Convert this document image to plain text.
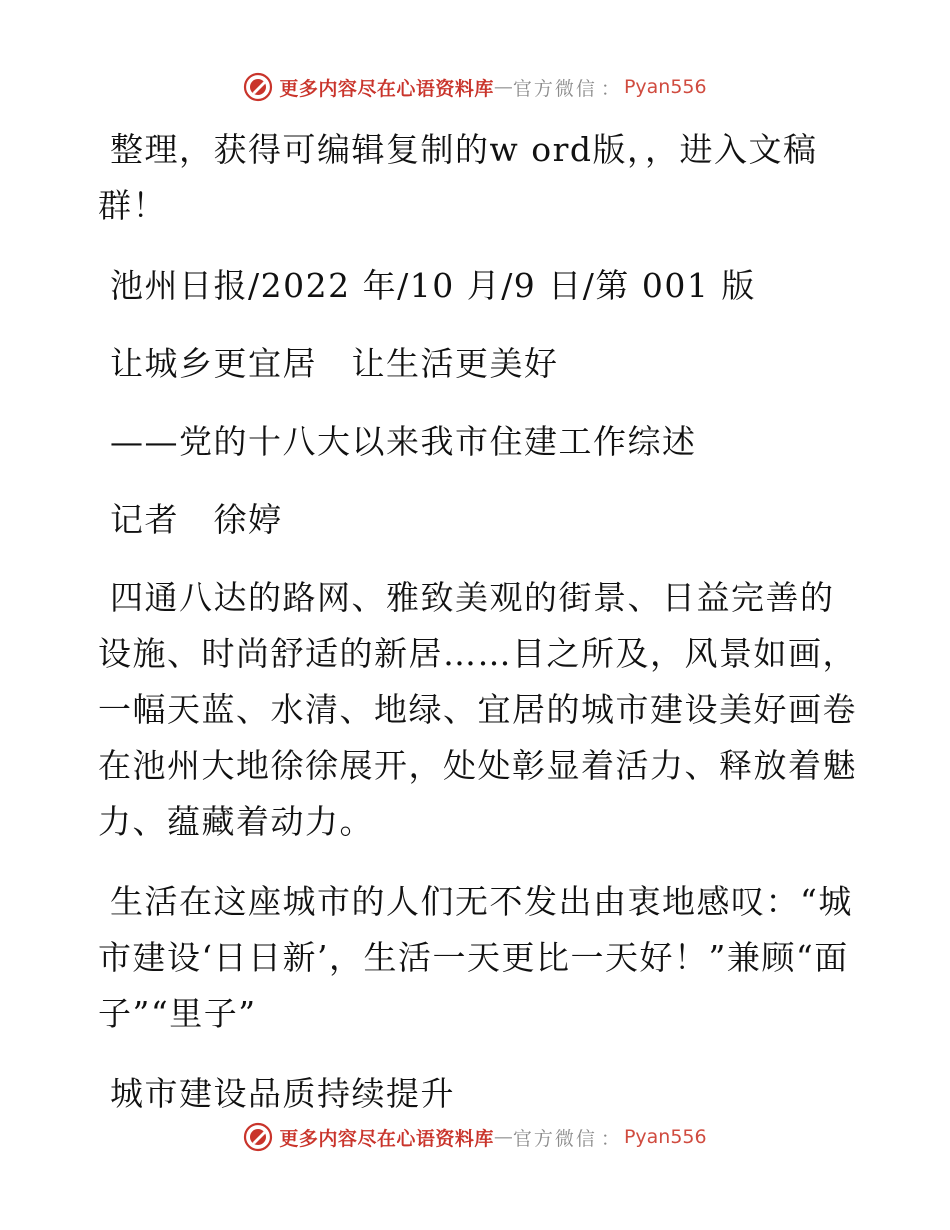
更多内容尽在心语资料库 — 官方微信 ： Pyan556

整理，获得可编辑复制的w ord版，，进入文稿群！

池州日报/2022 年/10 月/9 日/第 001 版

让城乡更宜居　让生活更美好

——党的十八大以来我市住建工作综述

记者　徐婷

四通八达的路网、雅致美观的街景、日益完善的设施、时尚舒适的新居……目之所及，风景如画，一幅天蓝、水清、地绿、宜居的城市建设美好画卷在池州大地徐徐展开，处处彰显着活力、释放着魅力、蕴藏着动力。

生活在这座城市的人们无不发出由衷地感叹：“城市建设‘日日新’，生活一天更比一天好！”兼顾“面子”“里子”

城市建设品质持续提升

更多内容尽在心语资料库 — 官方微信 ： Pyan556
